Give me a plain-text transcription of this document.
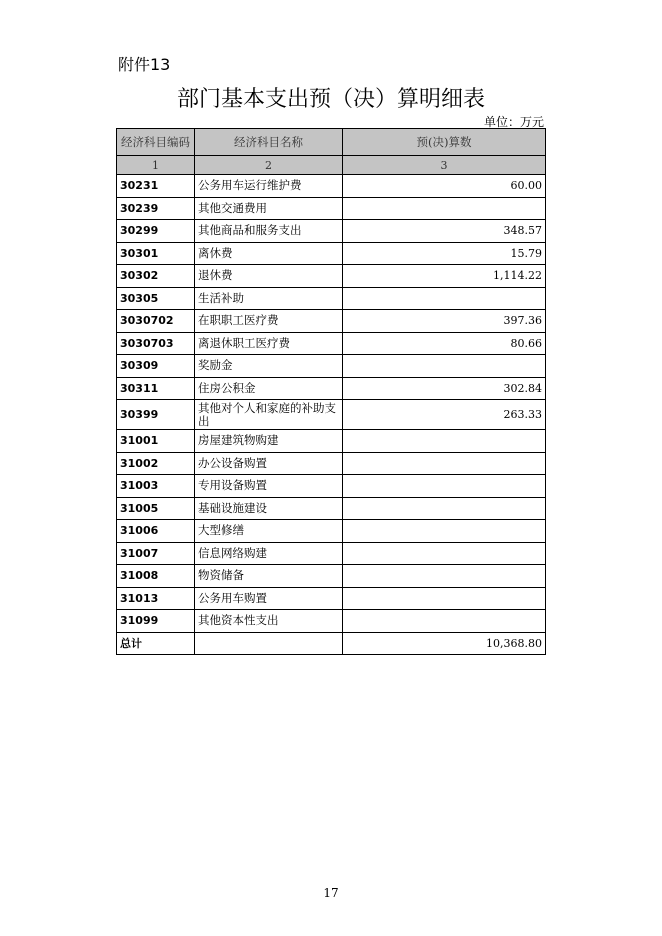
附件13
部门基本支出预（决）算明细表
单位：万元
经济科目编码	经济科目名称	预(决)算数
1	2	3
30231	公务用车运行维护费	60.00
30239	其他交通费用	
30299	其他商品和服务支出	348.57
30301	离休费	15.79
30302	退休费	1,114.22
30305	生活补助	
3030702	在职职工医疗费	397.36
3030703	离退休职工医疗费	80.66
30309	奖励金	
30311	住房公积金	302.84
30399	其他对个人和家庭的补助支出	263.33
31001	房屋建筑物购建	
31002	办公设备购置	
31003	专用设备购置	
31005	基础设施建设	
31006	大型修缮	
31007	信息网络购建	
31008	物资储备	
31013	公务用车购置	
31099	其他资本性支出	
总计		10,368.80
17
